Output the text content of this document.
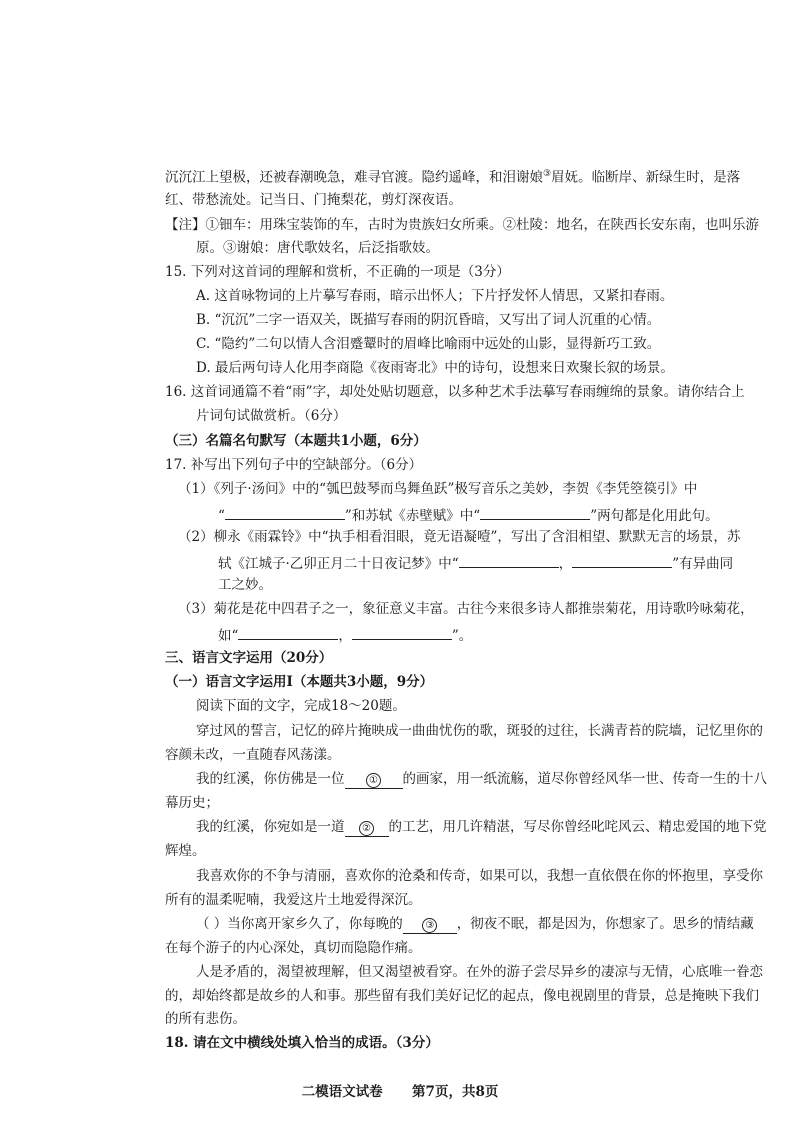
沉沉江上望极，还被春潮晚急，难寻官渡。隐约遥峰，和泪谢娘③眉妩。临断岸、新绿生时，是落
红、带愁流处。记当日、门掩梨花，剪灯深夜语。
【注】①钿车：用珠宝装饰的车，古时为贵族妇女所乘。②杜陵：地名，在陕西长安东南，也叫乐游
原。③谢娘：唐代歌妓名，后泛指歌妓。
15. 下列对这首词的理解和赏析，不正确的一项是（3分）
A. 这首咏物词的上片摹写春雨，暗示出怀人；下片抒发怀人情思，又紧扣春雨。
B. “沉沉”二字一语双关，既描写春雨的阴沉昏暗，又写出了词人沉重的心情。
C. “隐约”二句以情人含泪蹙颦时的眉峰比喻雨中远处的山影，显得新巧工致。
D. 最后两句诗人化用李商隐《夜雨寄北》中的诗句，设想来日欢聚长叙的场景。
16. 这首词通篇不着“雨”字，却处处贴切题意，以多种艺术手法摹写春雨缠绵的景象。请你结合上
片词句试做赏析。（6分）
（三）名篇名句默写（本题共1小题，6分）
17. 补写出下列句子中的空缺部分。（6分）
（1）《列子·汤问》中的“瓠巴鼓琴而鸟舞鱼跃”极写音乐之美妙，李贺《李凭箜篌引》中
“	”和苏轼《赤壁赋》中“	”两句都是化用此句。
（2）柳永《雨霖铃》中“执手相看泪眼，竟无语凝噎”，写出了含泪相望、默默无言的场景，苏
轼《江城子·乙卯正月二十日夜记梦》中“	，	”有异曲同
工之妙。
（3）菊花是花中四君子之一，象征意义丰富。古往今来很多诗人都推崇菊花，用诗歌吟咏菊花，
如“	，	”。
三、语言文字运用（20分）
（一）语言文字运用Ⅰ（本题共3小题，9分）
阅读下面的文字，完成18～20题。
穿过风的誓言，记忆的碎片掩映成一曲曲忧伤的歌，斑驳的过往，长满青苔的院墙，记忆里你的
容颜未改，一直随春风荡漾。
我的红溪，你仿佛是一位 ① 的画家，用一纸流觞，道尽你曾经风华一世、传奇一生的十八
幕历史；
我的红溪，你宛如是一道 ② 的工艺，用几许精湛，写尽你曾经叱咤风云、精忠爱国的地下党
辉煌。
我喜欢你的不争与清丽，喜欢你的沧桑和传奇，如果可以，我想一直依偎在你的怀抱里，享受你
所有的温柔呢喃，我爱这片土地爱得深沉。
（ ）当你离开家乡久了，你每晚的 ③ ，彻夜不眠，都是因为，你想家了。思乡的情结藏
在每个游子的内心深处，真切而隐隐作痛。
人是矛盾的，渴望被理解，但又渴望被看穿。在外的游子尝尽异乡的凄凉与无情，心底唯一眷恋
的，却始终都是故乡的人和事。那些留有我们美好记忆的起点，像电视剧里的背景，总是掩映下我们
的所有悲伤。
18. 请在文中横线处填入恰当的成语。（3分）
二模语文试卷 第7页，共8页
